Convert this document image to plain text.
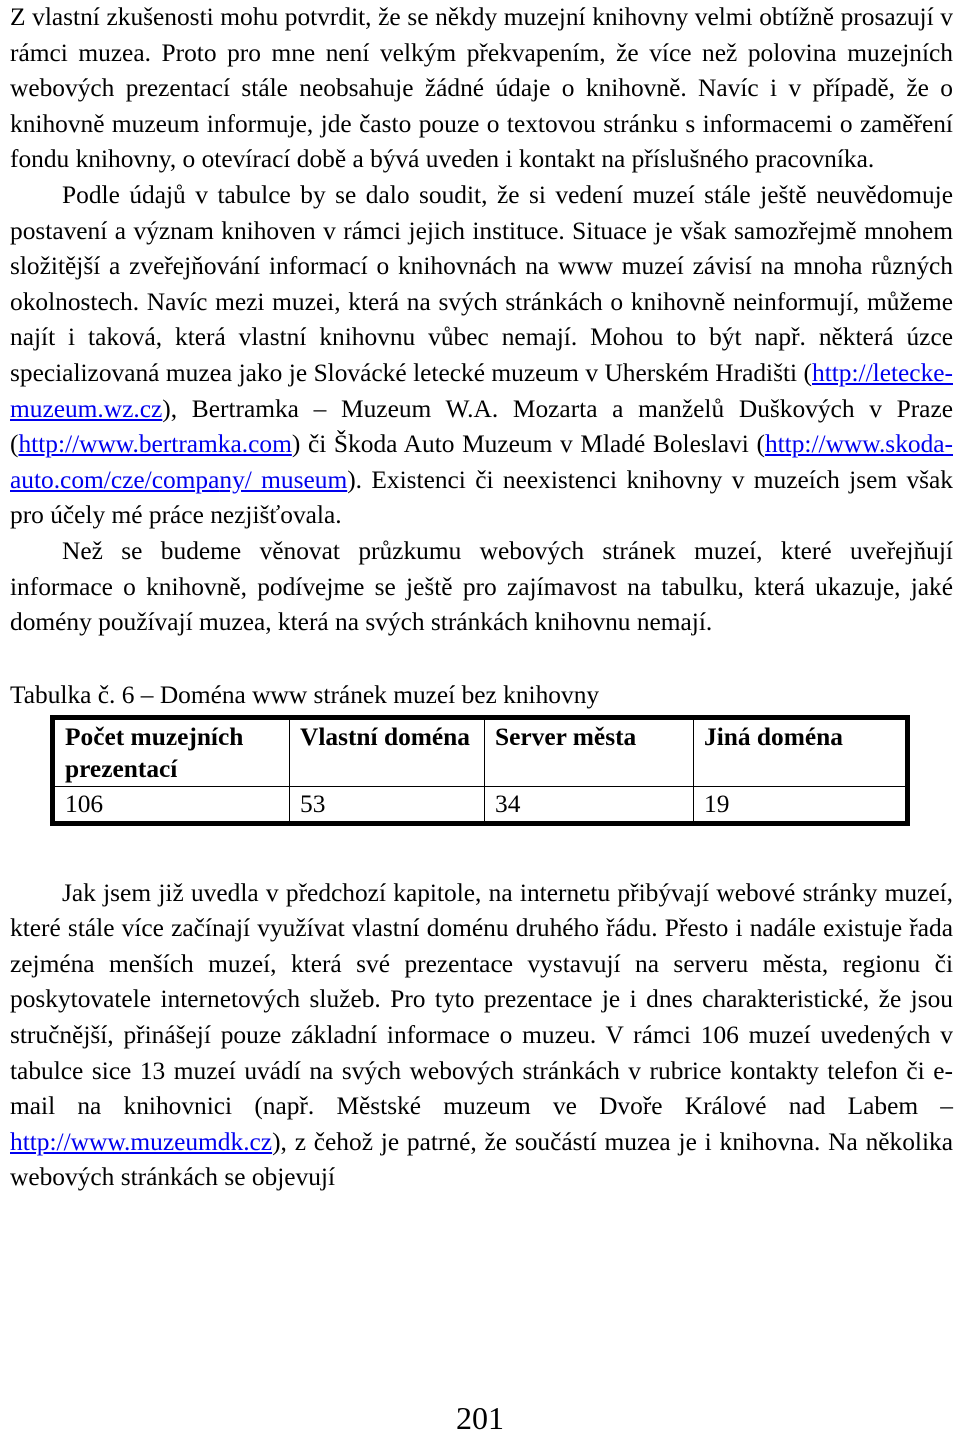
Z vlastní zkušenosti mohu potvrdit, že se někdy muzejní knihovny velmi obtížně prosazují v rámci muzea. Proto pro mne není velkým překvapením, že více než polovina muzejních webových prezentací stále neobsahuje žádné údaje o knihovně. Navíc i v případě, že o knihovně muzeum informuje, jde často pouze o textovou stránku s informacemi o zaměření fondu knihovny, o otevírací době a bývá uveden i kontakt na příslušného pracovníka.

Podle údajů v tabulce by se dalo soudit, že si vedení muzeí stále ještě neuvědomuje postavení a význam knihoven v rámci jejich instituce. Situace je však samozřejmě mnohem složitější a zveřejňování informací o knihovnách na www muzeí závisí na mnoha různých okolnostech. Navíc mezi muzei, která na svých stránkách o knihovně neinformují, můžeme najít i taková, která vlastní knihovnu vůbec nemají. Mohou to být např. některá úzce specializovaná muzea jako je Slovácké letecké muzeum v Uherském Hradišti (http://letecke-muzeum.wz.cz), Bertramka – Muzeum W.A. Mozarta a manželů Duškových v Praze (http://www.bertramka.com) či Škoda Auto Muzeum v Mladé Boleslavi (http://www.skoda-auto.com/cze/company/ museum). Existenci či neexistenci knihovny v muzeích jsem však pro účely mé práce nezjišťovala.

Než se budeme věnovat průzkumu webových stránek muzeí, které uveřejňují informace o knihovně, podívejme se ještě pro zajímavost na tabulku, která ukazuje, jaké domény používají muzea, která na svých stránkách knihovnu nemají.

Tabulka č. 6 – Doména www stránek muzeí bez knihovny
Počet muzejních prezentací	Vlastní doména	Server města	Jiná doména
106	53	34	19

Jak jsem již uvedla v předchozí kapitole, na internetu přibývají webové stránky muzeí, které stále více začínají využívat vlastní doménu druhého řádu. Přesto i nadále existuje řada zejména menších muzeí, která své prezentace vystavují na serveru města, regionu či poskytovatele internetových služeb. Pro tyto prezentace je i dnes charakteristické, že jsou stručnější, přinášejí pouze základní informace o muzeu. V rámci 106 muzeí uvedených v tabulce sice 13 muzeí uvádí na svých webových stránkách v rubrice kontakty telefon či e-mail na knihovnici (např. Městské muzeum ve Dvoře Králové nad Labem – http://www.muzeumdk.cz), z čehož je patrné, že součástí muzea je i knihovna. Na několika webových stránkách se objevují

201
